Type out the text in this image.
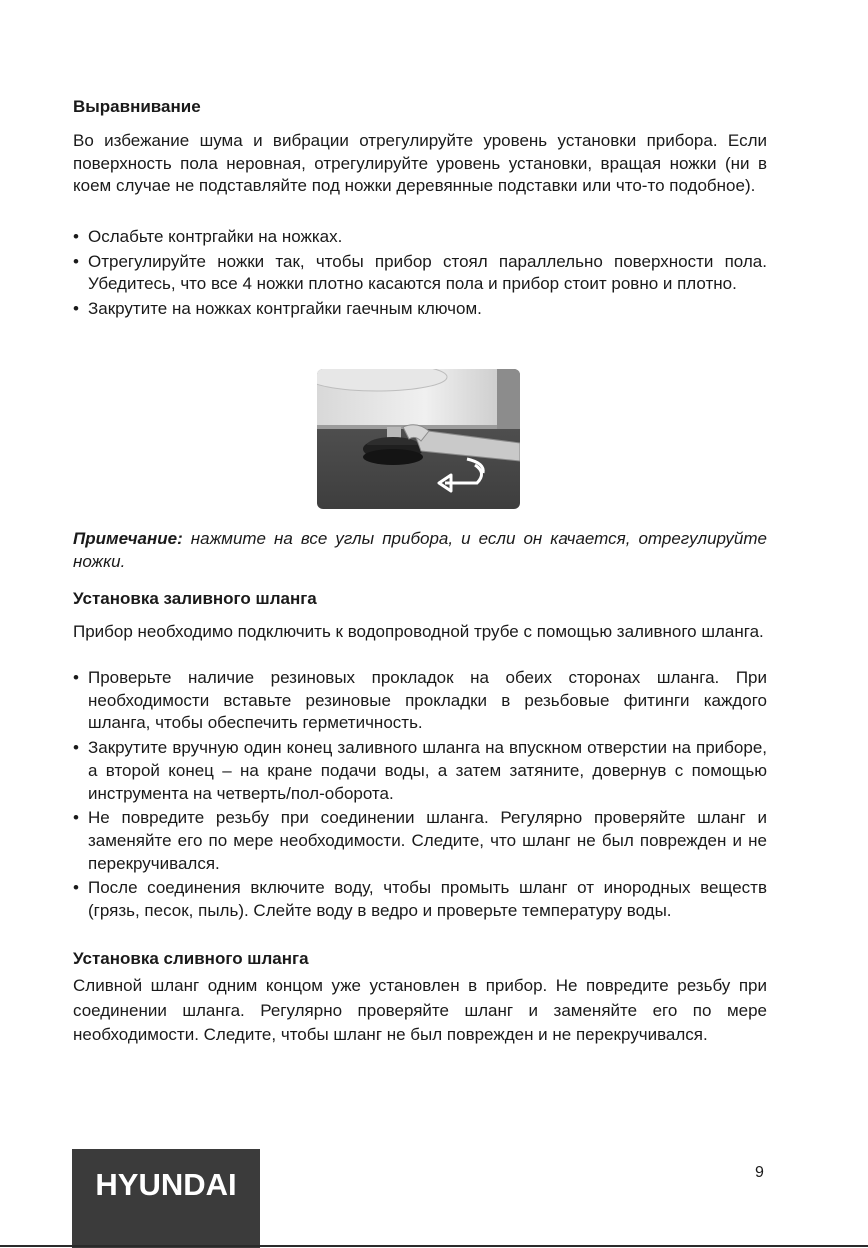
Выравнивание

Во избежание шума и вибрации отрегулируйте уровень установки прибора. Если поверхность пола неровная, отрегулируйте уровень установки, вращая ножки (ни в коем случае не подставляйте под ножки деревянные подставки или что-то подобное).

• Ослабьте контргайки на ножках.
• Отрегулируйте ножки так, чтобы прибор стоял параллельно поверхности пола. Убедитесь, что все 4 ножки плотно касаются пола и прибор стоит ровно и плотно.
• Закрутите на ножках контргайки гаечным ключом.

Примечание: нажмите на все углы прибора, и если он качается, отрегулируйте ножки.

Установка заливного шланга

Прибор необходимо подключить к водопроводной трубе с помощью заливного шланга.

• Проверьте наличие резиновых прокладок на обеих сторонах шланга. При необходимости вставьте резиновые прокладки в резьбовые фитинги каждого шланга, чтобы обеспечить герметичность.
• Закрутите вручную один конец заливного шланга на впускном отверстии на приборе, а второй конец – на кране подачи воды, а затем затяните, довернув с помощью инструмента на четверть/пол-оборота.
• Не повредите резьбу при соединении шланга. Регулярно проверяйте шланг и заменяйте его по мере необходимости. Следите, что шланг не был поврежден и не перекручивался.
• После соединения включите воду, чтобы промыть шланг от инородных веществ (грязь, песок, пыль). Слейте воду в ведро и проверьте температуру воды.
Установка сливного шланга

Сливной шланг одним концом уже установлен в прибор. Не повредите резьбу при соединении шланга. Регулярно проверяйте шланг и заменяйте его по мере необходимости. Следите, чтобы шланг не был поврежден и не перекручивался.

HYUNDAI	9
